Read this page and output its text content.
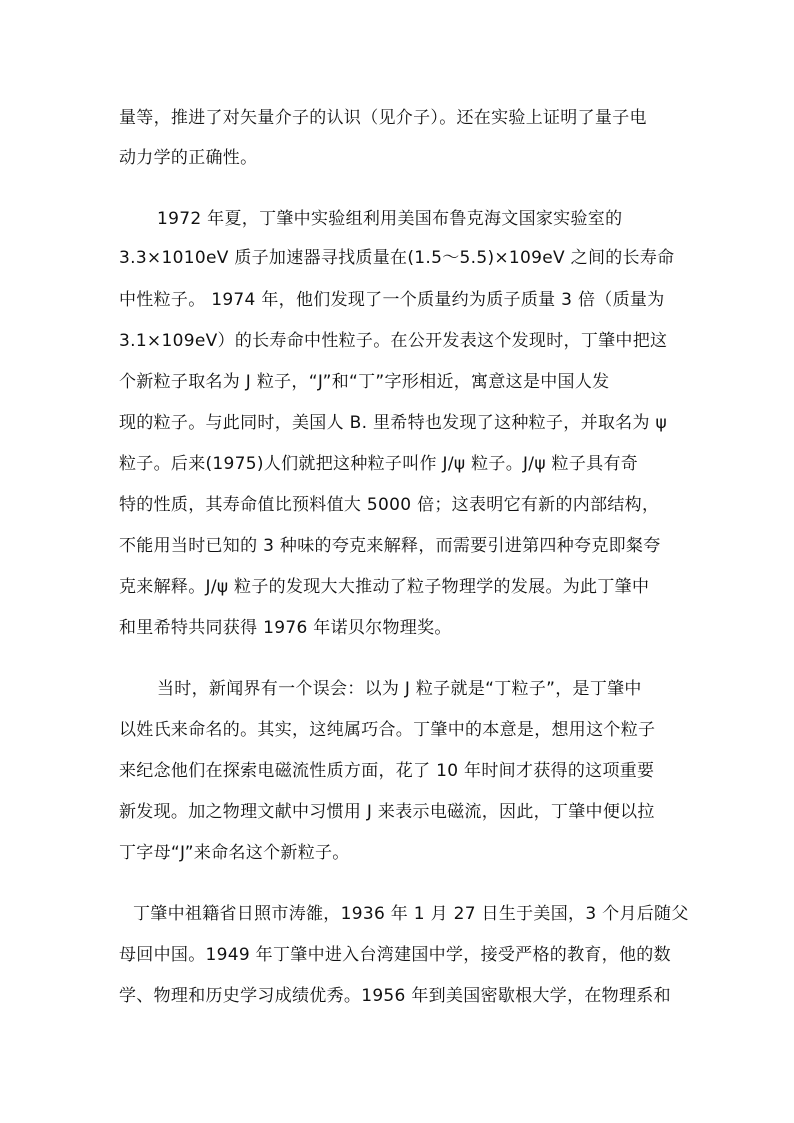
量等，推进了对矢量介子的认识（见介子）。还在实验上证明了量子电
动力学的正确性。
1972 年夏，丁肇中实验组利用美国布鲁克海文国家实验室的
3.3×1010eV 质子加速器寻找质量在(1.5～5.5)×109eV 之间的长寿命
中性粒子。 1974 年，他们发现了一个质量约为质子质量 3 倍（质量为
3.1×109eV）的长寿命中性粒子。在公开发表这个发现时，丁肇中把这
个新粒子取名为 J 粒子，“J”和“丁”字形相近，寓意这是中国人发
现的粒子。与此同时，美国人 B. 里希特也发现了这种粒子，并取名为 ψ
粒子。后来(1975)人们就把这种粒子叫作 J/ψ 粒子。J/ψ 粒子具有奇
特的性质，其寿命值比预料值大 5000 倍；这表明它有新的内部结构，
不能用当时已知的 3 种味的夸克来解释，而需要引进第四种夸克即粲夸
克来解释。J/ψ 粒子的发现大大推动了粒子物理学的发展。为此丁肇中
和里希特共同获得 1976 年诺贝尔物理奖。
当时，新闻界有一个误会：以为 J 粒子就是“丁粒子”，是丁肇中
以姓氏来命名的。其实，这纯属巧合。丁肇中的本意是，想用这个粒子
来纪念他们在探索电磁流性质方面，花了 10 年时间才获得的这项重要
新发现。加之物理文献中习惯用 J 来表示电磁流，因此，丁肇中便以拉
丁字母“J”来命名这个新粒子。
丁肇中祖籍省日照市涛雒，1936 年 1 月 27 日生于美国，3 个月后随父
母回中国。1949 年丁肇中进入台湾建国中学，接受严格的教育，他的数
学、物理和历史学习成绩优秀。1956 年到美国密歇根大学，在物理系和
